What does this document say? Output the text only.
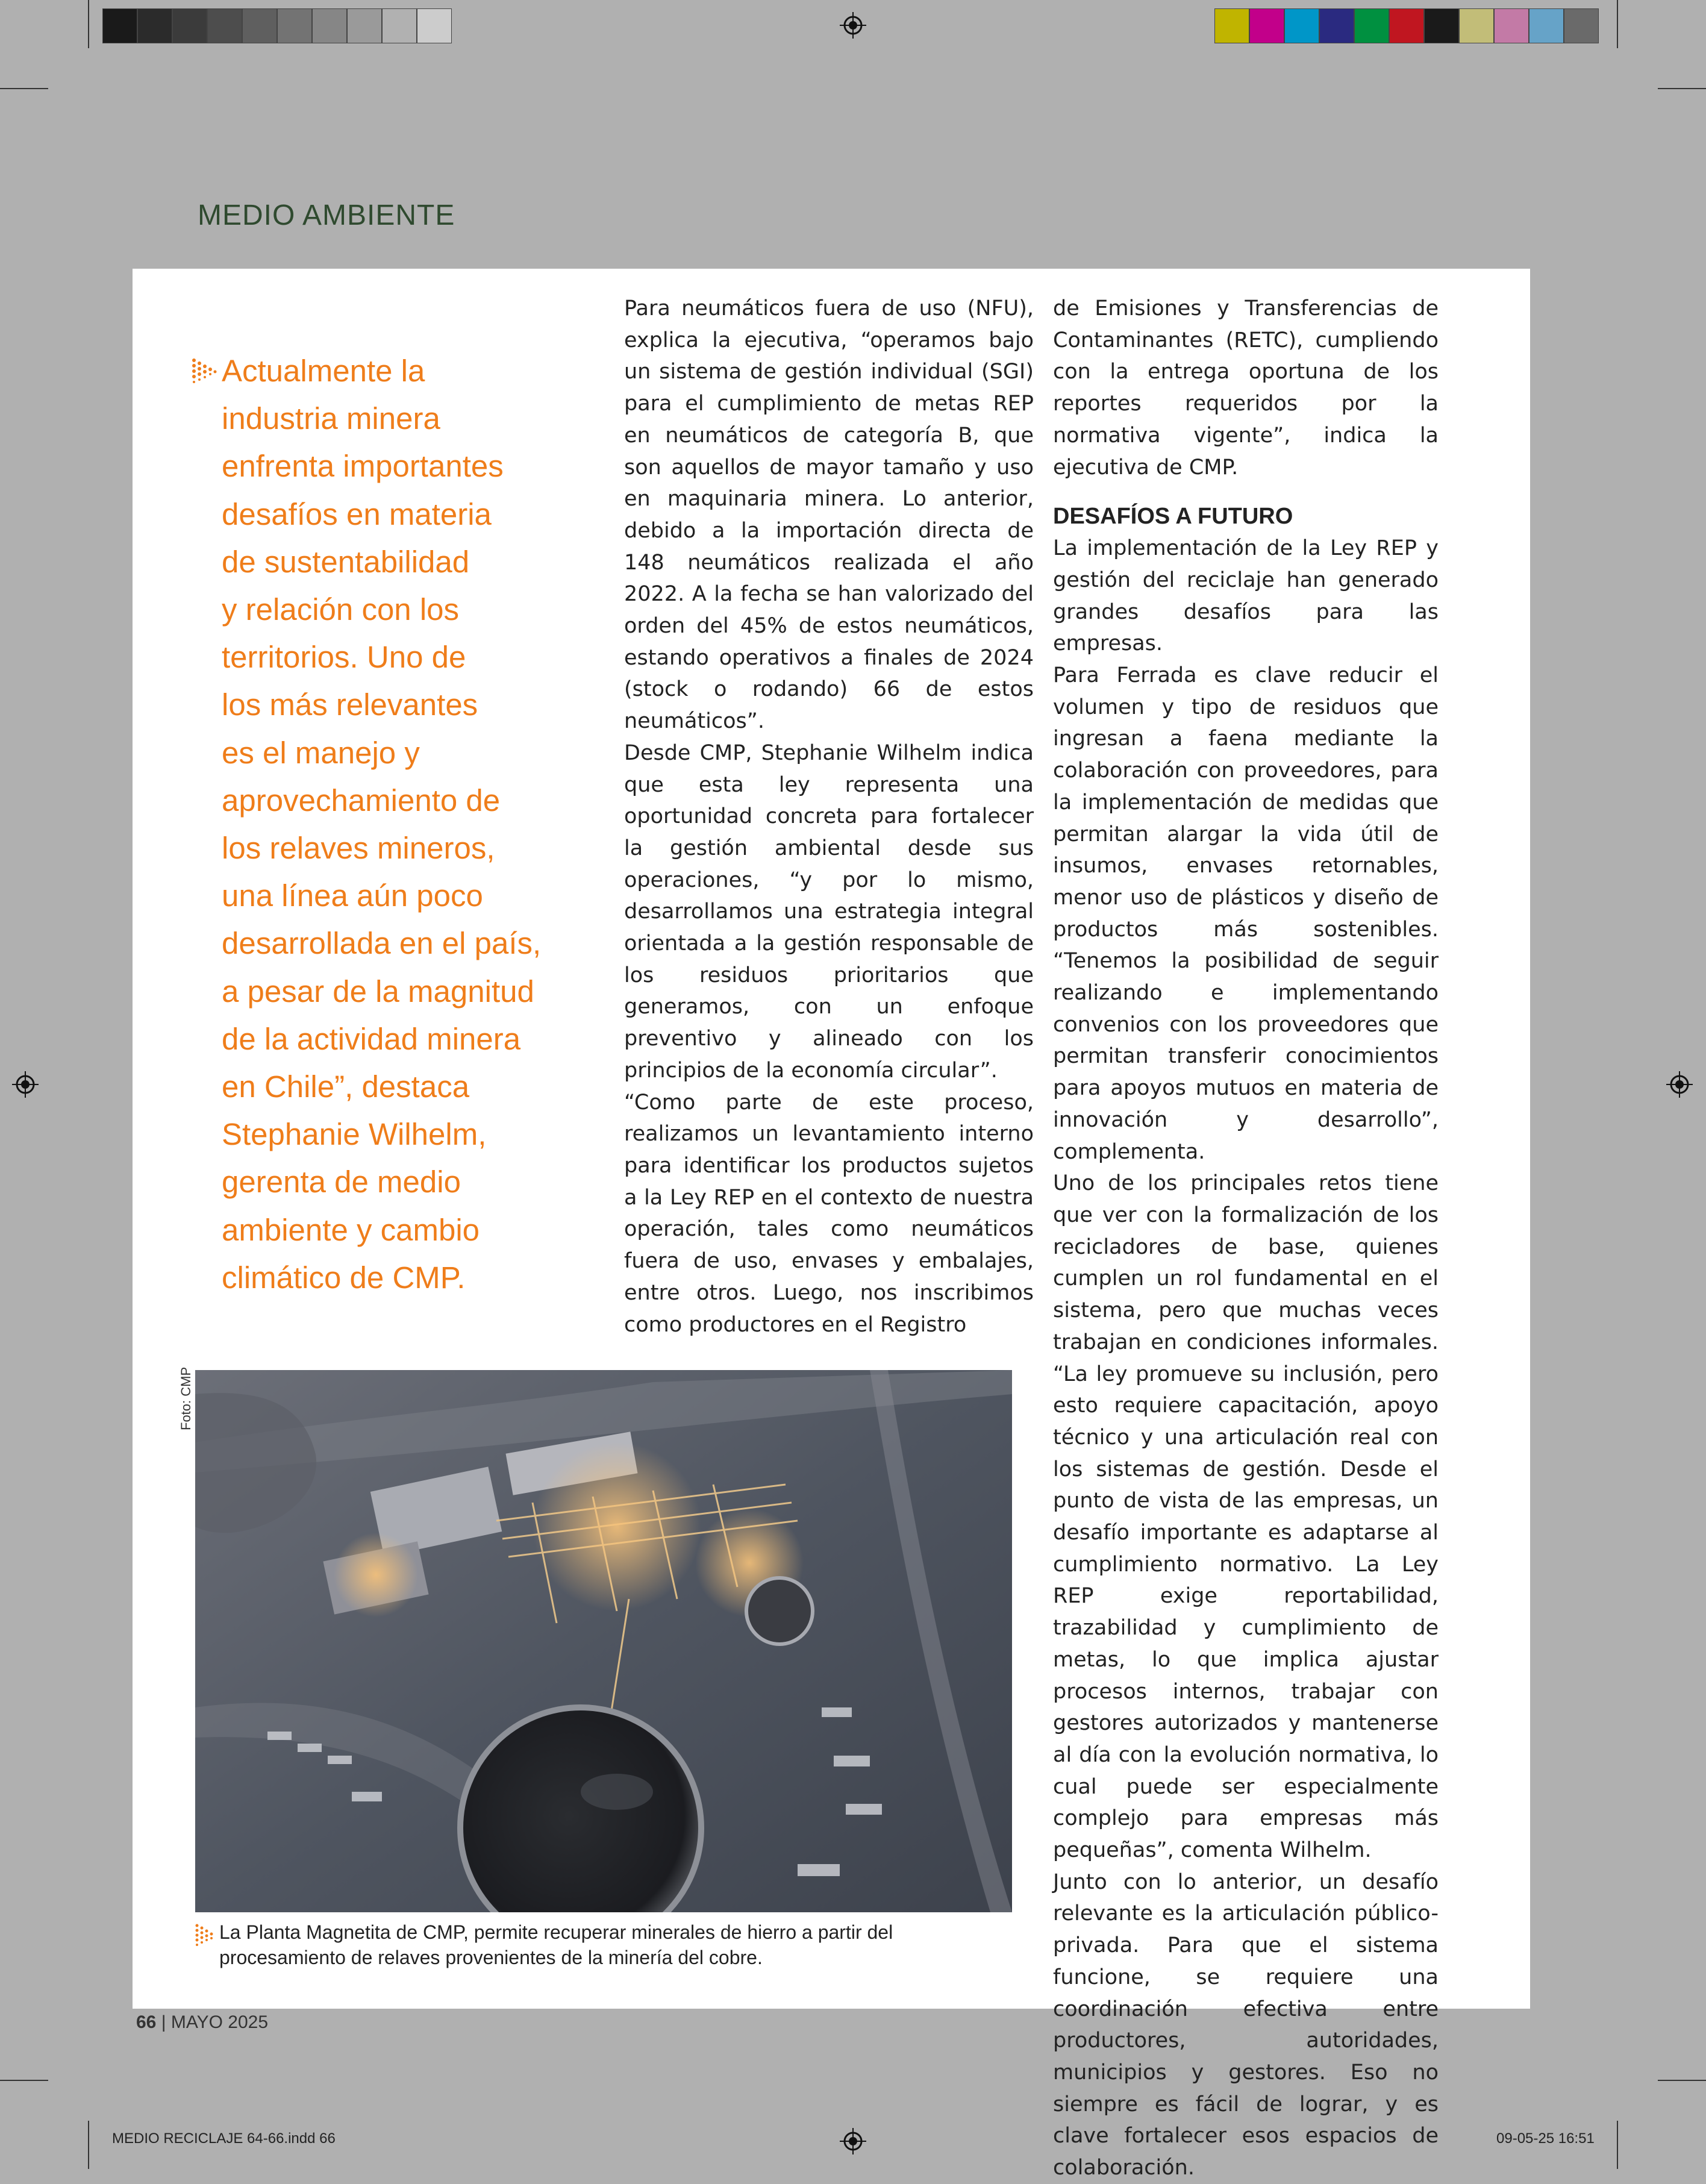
MEDIO AMBIENTE
Actualmente la
industria minera
enfrenta importantes
desafíos en materia
de sustentabilidad
y relación con los
territorios. Uno de
los más relevantes
es el manejo y
aprovechamiento de
los relaves mineros,
una línea aún poco
desarrollada en el país,
a pesar de la magnitud
de la actividad minera
en Chile”, destaca
Stephanie Wilhelm,
gerenta de medio
ambiente y cambio
climático de CMP.

Para neumáticos fuera de uso (NFU), explica la ejecutiva, “operamos bajo un sistema de gestión individual (SGI) para el cumplimiento de metas REP en neumáticos de categoría B, que son aquellos de mayor tamaño y uso en maquinaria minera. Lo anterior, debido a la importación directa de 148 neumáticos realizada el año 2022. A la fecha se han valorizado del orden del 45% de estos neumáticos, estando operativos a finales de 2024 (stock o rodando) 66 de estos neumáticos”.

Desde CMP, Stephanie Wilhelm indica que esta ley representa una oportunidad concreta para fortalecer la gestión ambiental desde sus operaciones, “y por lo mismo, desarrollamos una estrategia integral orientada a la gestión responsable de los residuos prioritarios que generamos, con un enfoque preventivo y alineado con los principios de la economía circular”.

“Como parte de este proceso, realizamos un levantamiento interno para identificar los productos sujetos a la Ley REP en el contexto de nuestra operación, tales como neumáticos fuera de uso, envases y embalajes, entre otros. Luego, nos inscribimos como productores en el Registro

de Emisiones y Transferencias de Contaminantes (RETC), cumpliendo con la entrega oportuna de los reportes requeridos por la normativa vigente”, indica la ejecutiva de CMP.

DESAFÍOS A FUTURO

La implementación de la Ley REP y gestión del reciclaje han generado grandes desafíos para las empresas.

Para Ferrada es clave reducir el volumen y tipo de residuos que ingresan a faena mediante la colaboración con proveedores, para la implementación de medidas que permitan alargar la vida útil de insumos, envases retornables, menor uso de plásticos y diseño de productos más sostenibles. “Tenemos la posibilidad de seguir realizando e implementando convenios con los proveedores que permitan transferir conocimientos para apoyos mutuos en materia de innovación y desarrollo”, complementa.

Uno de los principales retos tiene que ver con la formalización de los recicladores de base, quienes cumplen un rol fundamental en el sistema, pero que muchas veces trabajan en condiciones informales. “La ley promueve su inclusión, pero esto requiere capacitación, apoyo técnico y una articulación real con los sistemas de gestión. Desde el punto de vista de las empresas, un desafío importante es adaptarse al cumplimiento normativo. La Ley REP exige reportabilidad, trazabilidad y cumplimiento de metas, lo que implica ajustar procesos internos, trabajar con gestores autorizados y mantenerse al día con la evolución normativa, lo cual puede ser especialmente complejo para empresas más pequeñas”, comenta Wilhelm.

Junto con lo anterior, un desafío relevante es la articulación público-privada. Para que el sistema funcione, se requiere una coordinación efectiva entre productores, autoridades, municipios y gestores. Eso no siempre es fácil de lograr, y es clave fortalecer esos espacios de colaboración.

Foto: CMP
La Planta Magnetita de CMP, permite recuperar minerales de hierro a partir del procesamiento de relaves provenientes de la minería del cobre.
66 | MAYO 2025
MEDIO RECICLAJE 64-66.indd 66	09-05-25 16:51
